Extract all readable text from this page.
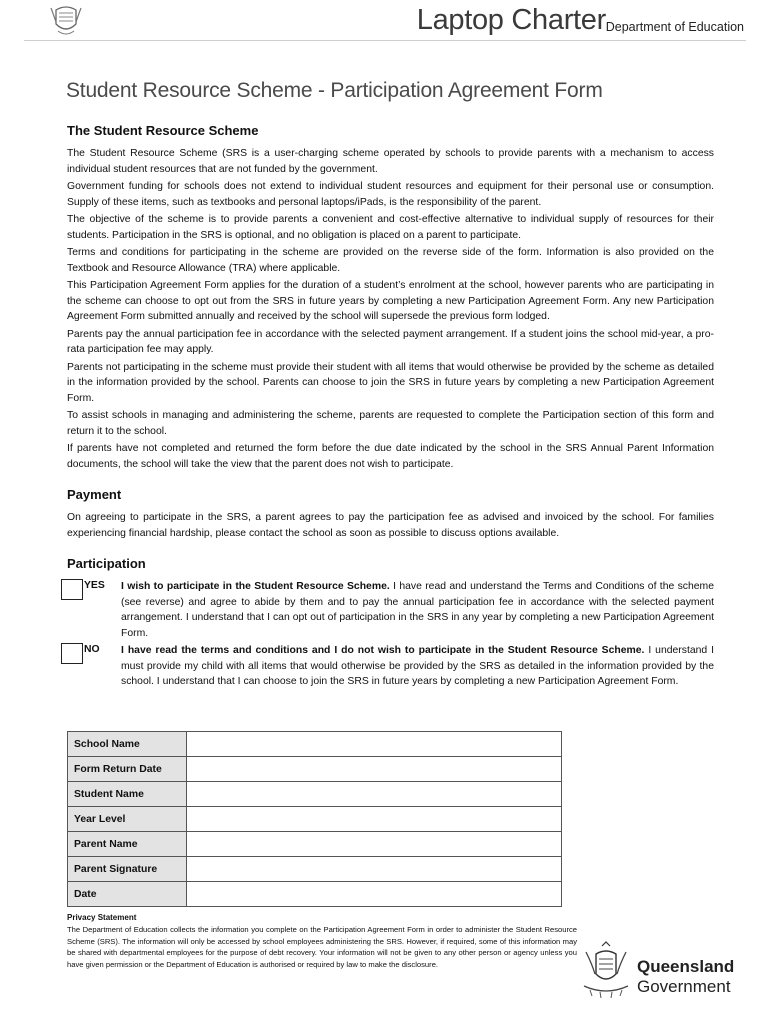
Laptop Charter Department of Education
Student Resource Scheme - Participation Agreement Form
The Student Resource Scheme

The Student Resource Scheme (SRS is a user-charging scheme operated by schools to provide parents with a mechanism to access individual student resources that are not funded by the government.

Government funding for schools does not extend to individual student resources and equipment for their personal use or consumption. Supply of these items, such as textbooks and personal laptops/iPads, is the responsibility of the parent.

The objective of the scheme is to provide parents a convenient and cost-effective alternative to individual supply of resources for their students. Participation in the SRS is optional, and no obligation is placed on a parent to participate.

Terms and conditions for participating in the scheme are provided on the reverse side of the form. Information is also provided on the Textbook and Resource Allowance (TRA) where applicable.

This Participation Agreement Form applies for the duration of a student’s enrolment at the school, however parents who are participating in the scheme can choose to opt out from the SRS in future years by completing a new Participation Agreement Form. Any new Participation Agreement Form submitted annually and received by the school will supersede the previous form lodged.

Parents pay the annual participation fee in accordance with the selected payment arrangement. If a student joins the school mid-year, a pro-rata participation fee may apply.

Parents not participating in the scheme must provide their student with all items that would otherwise be provided by the scheme as detailed in the information provided by the school. Parents can choose to join the SRS in future years by completing a new Participation Agreement Form.

To assist schools in managing and administering the scheme, parents are requested to complete the Participation section of this form and return it to the school.

If parents have not completed and returned the form before the due date indicated by the school in the SRS Annual Parent Information documents, the school will take the view that the parent does not wish to participate.

Payment

On agreeing to participate in the SRS, a parent agrees to pay the participation fee as advised and invoiced by the school. For families experiencing financial hardship, please contact the school as soon as possible to discuss options available.

Participation
YES I wish to participate in the Student Resource Scheme. I have read and understand the Terms and Conditions of the scheme (see reverse) and agree to abide by them and to pay the annual participation fee in accordance with the selected payment arrangement. I understand that I can opt out of participation in the SRS in any year by completing a new Participation Agreement Form.
NO I have read the terms and conditions and I do not wish to participate in the Student Resource Scheme. I understand I must provide my child with all items that would otherwise be provided by the SRS as detailed in the information provided by the school. I understand that I can choose to join the SRS in future years by completing a new Participation Agreement Form.
School Name	
Form Return Date	
Student Name	
Year Level	
Parent Name	
Parent Signature	
Date	
Privacy Statement
The Department of Education collects the information you complete on the Participation Agreement Form in order to administer the Student Resource Scheme (SRS). The information will only be accessed by school employees administering the SRS. However, if required, some of this information may be shared with departmental employees for the purpose of debt recovery. Your information will not be given to any other person or agency unless you have given permission or the Department of Education is authorised or required by law to make the disclosure.	Queensland
Government
